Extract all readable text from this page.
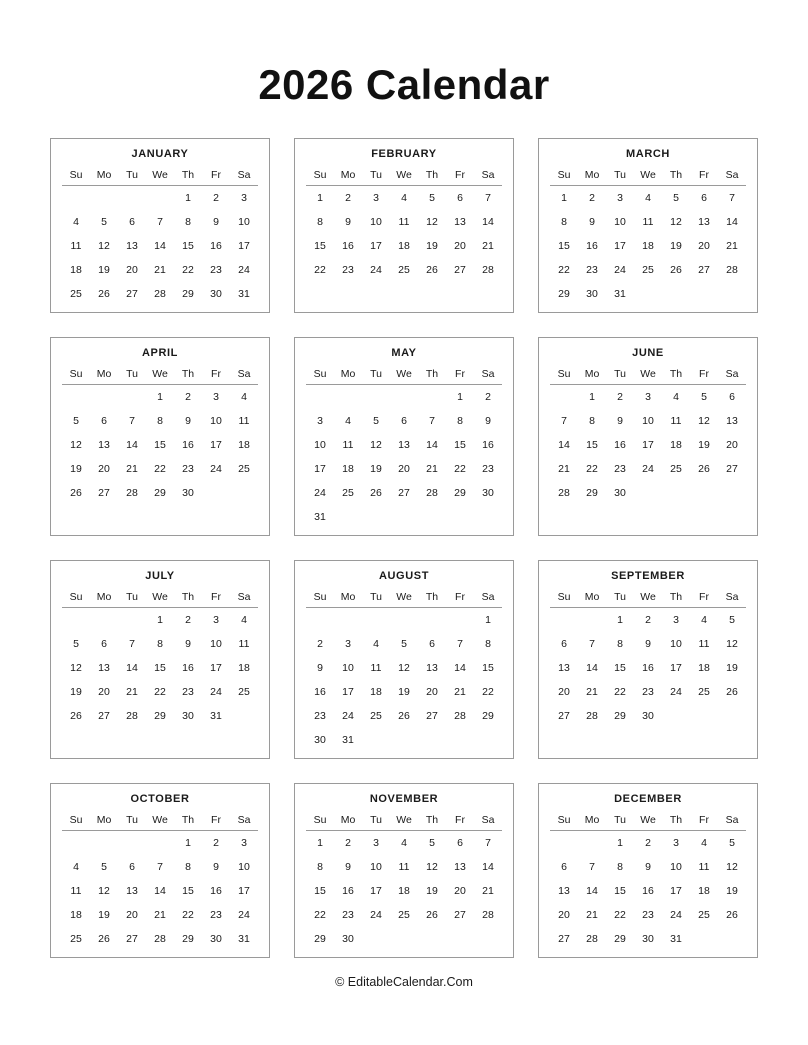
2026 Calendar
JANUARY
Su	Mo	Tu	We	Th	Fr	Sa
				1	2	3
4	5	6	7	8	9	10
11	12	13	14	15	16	17
18	19	20	21	22	23	24
25	26	27	28	29	30	31
FEBRUARY
Su	Mo	Tu	We	Th	Fr	Sa
1	2	3	4	5	6	7
8	9	10	11	12	13	14
15	16	17	18	19	20	21
22	23	24	25	26	27	28
MARCH
Su	Mo	Tu	We	Th	Fr	Sa
1	2	3	4	5	6	7
8	9	10	11	12	13	14
15	16	17	18	19	20	21
22	23	24	25	26	27	28
29	30	31				
APRIL
Su	Mo	Tu	We	Th	Fr	Sa
			1	2	3	4
5	6	7	8	9	10	11
12	13	14	15	16	17	18
19	20	21	22	23	24	25
26	27	28	29	30		
MAY
Su	Mo	Tu	We	Th	Fr	Sa
					1	2
3	4	5	6	7	8	9
10	11	12	13	14	15	16
17	18	19	20	21	22	23
24	25	26	27	28	29	30
31						
JUNE
Su	Mo	Tu	We	Th	Fr	Sa
	1	2	3	4	5	6
7	8	9	10	11	12	13
14	15	16	17	18	19	20
21	22	23	24	25	26	27
28	29	30				
JULY
Su	Mo	Tu	We	Th	Fr	Sa
			1	2	3	4
5	6	7	8	9	10	11
12	13	14	15	16	17	18
19	20	21	22	23	24	25
26	27	28	29	30	31	
AUGUST
Su	Mo	Tu	We	Th	Fr	Sa
						1
2	3	4	5	6	7	8
9	10	11	12	13	14	15
16	17	18	19	20	21	22
23	24	25	26	27	28	29
30	31					
SEPTEMBER
Su	Mo	Tu	We	Th	Fr	Sa
		1	2	3	4	5
6	7	8	9	10	11	12
13	14	15	16	17	18	19
20	21	22	23	24	25	26
27	28	29	30			
OCTOBER
Su	Mo	Tu	We	Th	Fr	Sa
				1	2	3
4	5	6	7	8	9	10
11	12	13	14	15	16	17
18	19	20	21	22	23	24
25	26	27	28	29	30	31
NOVEMBER
Su	Mo	Tu	We	Th	Fr	Sa
1	2	3	4	5	6	7
8	9	10	11	12	13	14
15	16	17	18	19	20	21
22	23	24	25	26	27	28
29	30					
DECEMBER
Su	Mo	Tu	We	Th	Fr	Sa
		1	2	3	4	5
6	7	8	9	10	11	12
13	14	15	16	17	18	19
20	21	22	23	24	25	26
27	28	29	30	31		
© EditableCalendar.Com
